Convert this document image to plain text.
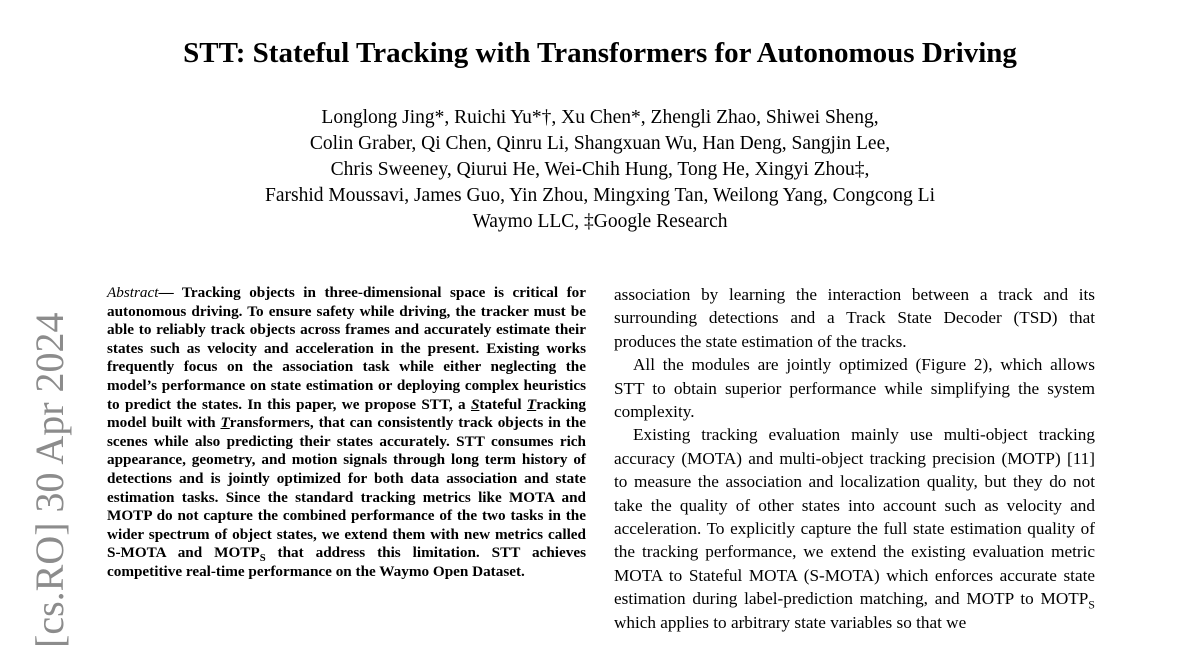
STT: Stateful Tracking with Transformers for Autonomous Driving
Longlong Jing*, Ruichi Yu*†, Xu Chen*, Zhengli Zhao, Shiwei Sheng,
Colin Graber, Qi Chen, Qinru Li, Shangxuan Wu, Han Deng, Sangjin Lee,
Chris Sweeney, Qiurui He, Wei-Chih Hung, Tong He, Xingyi Zhou‡,
Farshid Moussavi, James Guo, Yin Zhou, Mingxing Tan, Weilong Yang, Congcong Li
Waymo LLC, ‡Google Research
[cs.RO] 30 Apr 2024
Abstract— Tracking objects in three-dimensional space is critical for autonomous driving. To ensure safety while driving, the tracker must be able to reliably track objects across frames and accurately estimate their states such as velocity and acceleration in the present. Existing works frequently focus on the association task while either neglecting the model’s performance on state estimation or deploying complex heuristics to predict the states. In this paper, we propose STT, a Stateful Tracking model built with Transformers, that can consistently track objects in the scenes while also predicting their states accurately. STT consumes rich appearance, geometry, and motion signals through long term history of detections and is jointly optimized for both data association and state estimation tasks. Since the standard tracking metrics like MOTA and MOTP do not capture the combined performance of the two tasks in the wider spectrum of object states, we extend them with new metrics called S-MOTA and $MOTP_S$ that address this limitation. STT achieves competitive real-time performance on the Waymo Open Dataset.

association by learning the interaction between a track and its surrounding detections and a Track State Decoder (TSD) that produces the state estimation of the tracks.

All the modules are jointly optimized (Figure 2), which allows STT to obtain superior performance while simplifying the system complexity.

Existing tracking evaluation mainly use multi-object tracking accuracy (MOTA) and multi-object tracking precision (MOTP) [11] to measure the association and localization quality, but they do not take the quality of other states into account such as velocity and acceleration. To explicitly capture the full state estimation quality of the tracking performance, we extend the existing evaluation metric MOTA to Stateful MOTA (S-MOTA) which enforces accurate state estimation during label-prediction matching, and MOTP to $MOTP_S$ which applies to arbitrary state variables so that we
